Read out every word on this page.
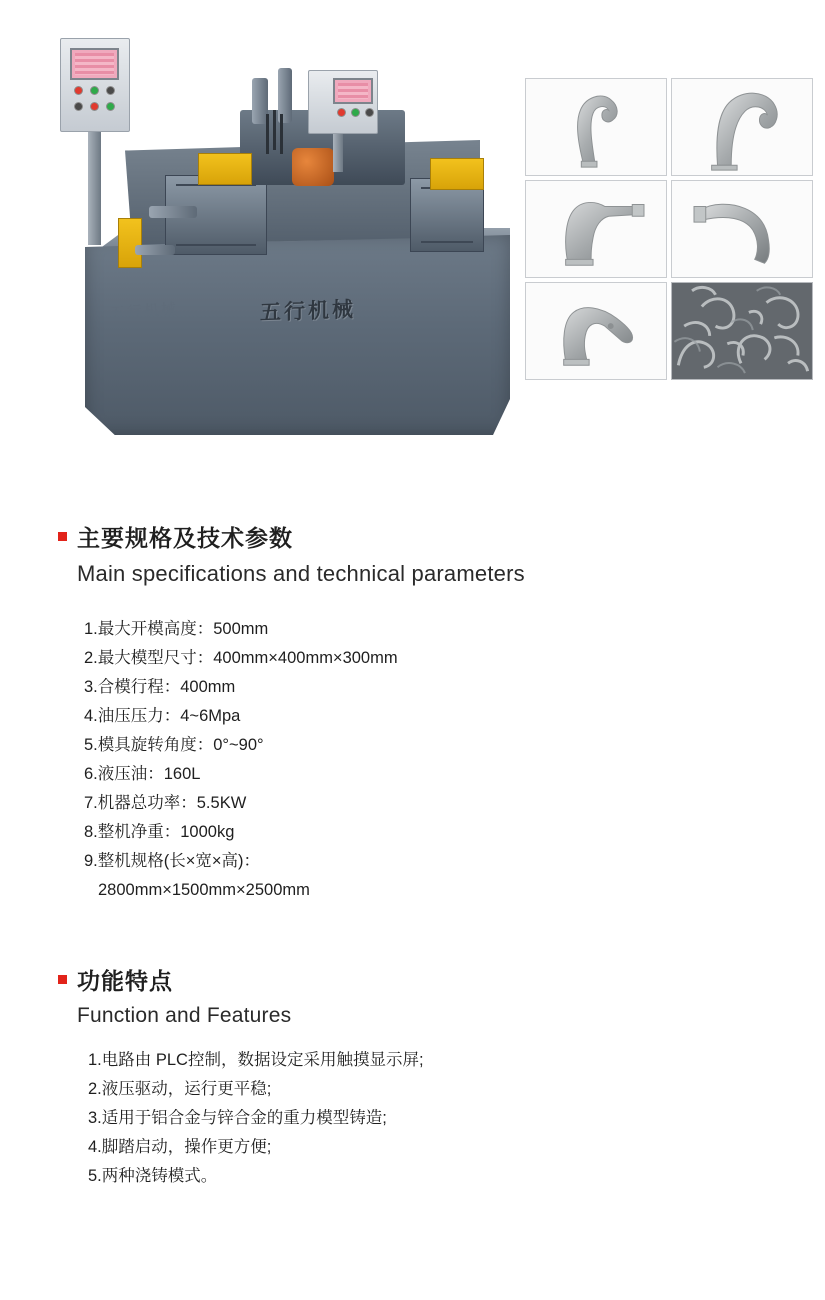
五行机械	五行机械
主要规格及技术参数
Main specifications and technical parameters
1.最大开模高度：500mm
2.最大模型尺寸：400mm×400mm×300mm
3.合模行程：400mm
4.油压压力：4~6Mpa
5.模具旋转角度：0°~90°
6.液压油：160L
7.机器总功率：5.5KW
8.整机净重：1000kg
9.整机规格(长×宽×高)：
2800mm×1500mm×2500mm
功能特点
Function and Features
1.电路由 PLC控制，数据设定采用触摸显示屏;
2.液压驱动，运行更平稳;
3.适用于铝合金与锌合金的重力模型铸造;
4.脚踏启动，操作更方便;
5.两种浇铸模式。
